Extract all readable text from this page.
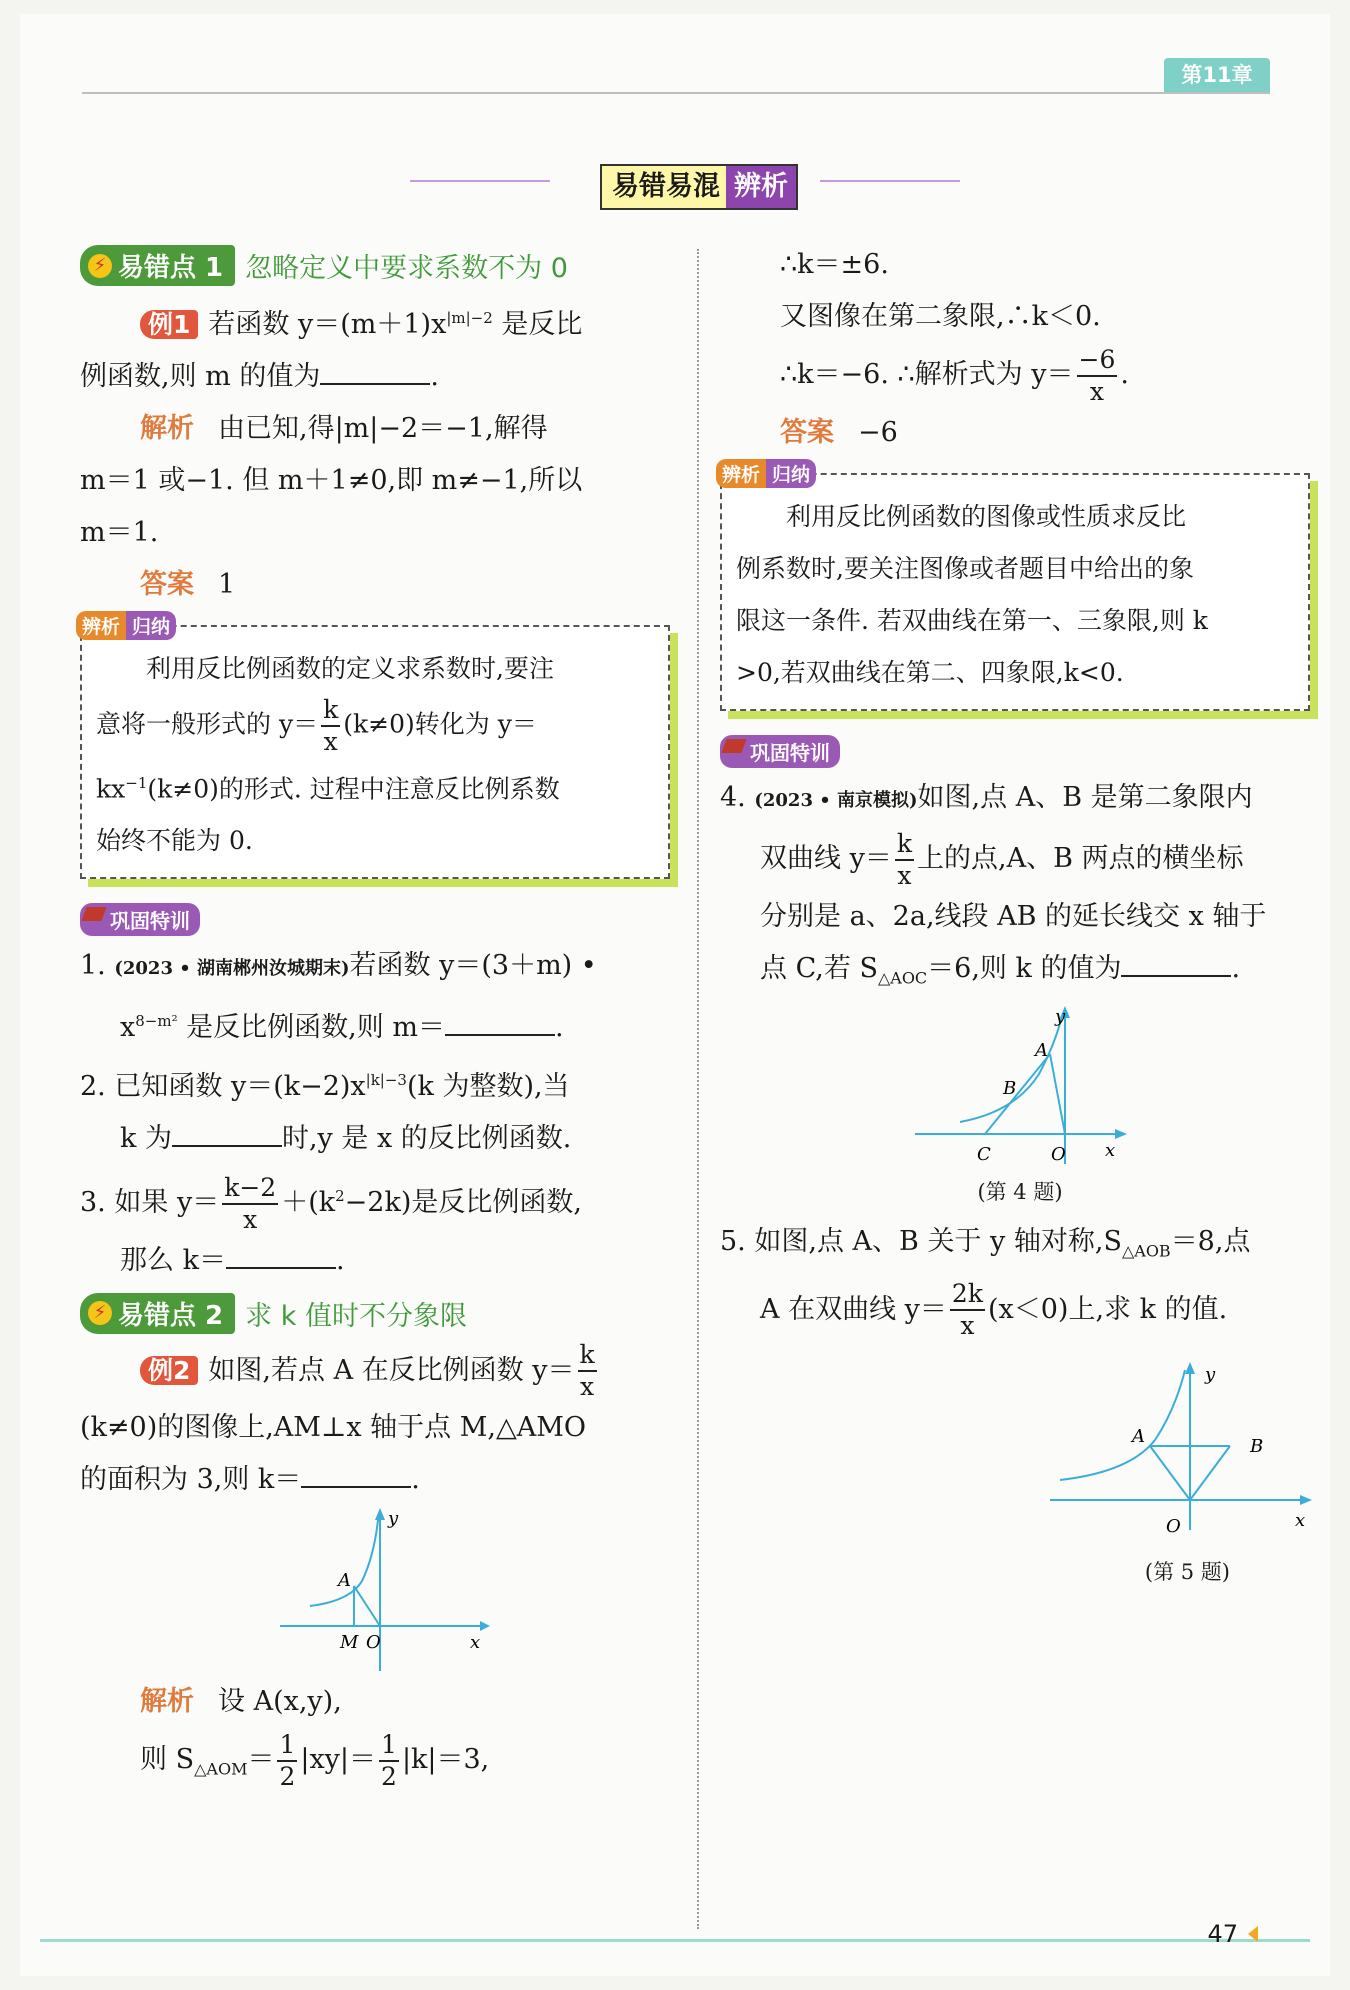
第11章
易错易混 辨析
⚡ 易错点 1 忽略定义中要求系数不为 0
例1 若函数 $y=(m+1)x^{|m|-2}$ 是反比
例函数,则 m 的值为	.
解析 由已知,得|m|−2＝−1,解得
m＝1 或−1. 但 m＋1≠0,即 m≠−1,所以
m＝1.
答案 1
辨析 归纳
利用反比例函数的定义求系数时,要注
意将一般形式的 $y= \frac{k}{x} (k\ne 0)$转化为 y＝
$kx^{-1}(k\ne 0)$的形式. 过程中注意反比例系数
始终不能为 0.
巩固特训
1. (2023 • 湖南郴州汝城期末)若函数 y＝(3＋m) •
$x^{8-m^2}$ 是反比例函数,则 m＝	.
2. 已知函数 $y=(k-2)x^{|k|-3}(k$ 为整数),当
k 为	时,y 是 x 的反比例函数.
3. 如果 $y= \frac{k-2}{x} +(k^2-2k)$是反比例函数,
那么 k＝	.
⚡ 易错点 2 求 k 值时不分象限
例2 如图,若点 A 在反比例函数 $y= \frac{k}{x}$
(k≠0)的图像上,AM⊥x 轴于点 M,△AMO
的面积为 3,则 k＝	.
y
x
A
M O
解析 设 A(x,y),
则 $S_{\triangle AOM}= \frac{1}{2} |xy|= \frac{1}{2} |k|=3$,
∴k＝±6.
又图像在第二象限,∴k＜0.
∴k＝−6. ∴解析式为 $y= \frac{-6}{x}$ .
答案 −6
辨析 归纳
利用反比例函数的图像或性质求反比
例系数时,要关注图像或者题目中给出的象
限这一条件. 若双曲线在第一、三象限,则 k
>0,若双曲线在第二、四象限,k<0.
巩固特训
4. (2023 • 南京模拟)如图,点 A、B 是第二象限内
双曲线 $y= \frac{k}{x}$ 上的点,A、B 两点的横坐标
分别是 a、2a,线段 AB 的延长线交 x 轴于
点 C,若 $S_{\triangle AOC}=6$,则 k 的值为	.
y
x
A
B
C	O
(第 4 题)
5. 如图,点 A、B 关于 y 轴对称$,S_{\triangle AOB}=8$,点
A 在双曲线 $y= \frac{2k}{x} (x<0)$上,求 k 的值.
y
x
A	B
O
(第 5 题)
47
